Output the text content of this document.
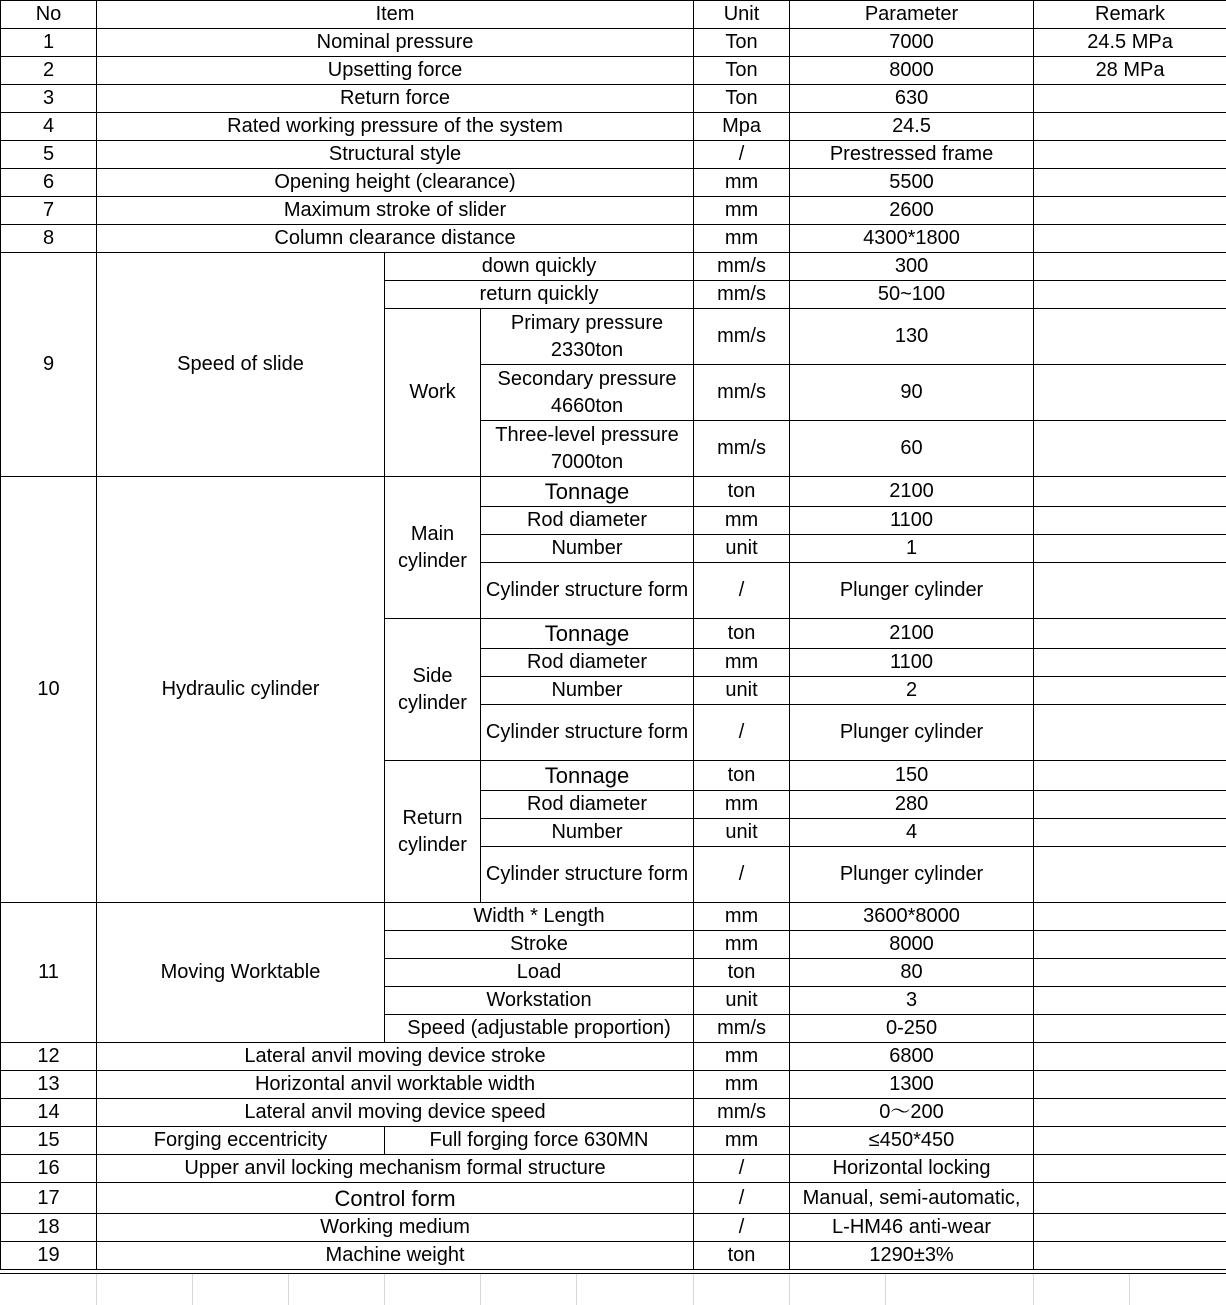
No	Item			Unit	Parameter	Remark
1	Nominal pressure			Ton	7000	24.5 MPa
2	Upsetting force			Ton	8000	28 MPa
3	Return force			Ton	630	
4	Rated working pressure of the system			Mpa	24.5	
5	Structural style			/	Prestressed frame	
6	Opening height (clearance)			mm	5500	
7	Maximum stroke of slider			mm	2600	
8	Column clearance distance			mm	4300*1800	
9	Speed of slide	down quickly		mm/s	300	
		return quickly		mm/s	50~100	
		Work	Primary pressure 2330ton	mm/s	130	
			Secondary pressure 4660ton	mm/s	90	
			Three-level pressure 7000ton	mm/s	60	
10	Hydraulic cylinder	Main cylinder	Tonnage	ton	2100	
			Rod diameter	mm	1100	
			Number	unit	1	
			Cylinder structure form	/	Plunger cylinder	
		Side cylinder	Tonnage	ton	2100	
			Rod diameter	mm	1100	
			Number	unit	2	
			Cylinder structure form	/	Plunger cylinder	
		Return cylinder	Tonnage	ton	150	
			Rod diameter	mm	280	
			Number	unit	4	
			Cylinder structure form	/	Plunger cylinder	
11	Moving Worktable	Width * Length		mm	3600*8000	
		Stroke		mm	8000	
		Load		ton	80	
		Workstation		unit	3	
		Speed (adjustable proportion)		mm/s	0-250	
12	Lateral anvil moving device stroke			mm	6800	
13	Horizontal anvil worktable width			mm	1300	
14	Lateral anvil moving device speed			mm/s	0～200	
15	Forging eccentricity	Full forging force 630MN		mm	≤450*450	
16	Upper anvil locking mechanism formal structure			/	Horizontal locking	
17	Control form			/	Manual, semi-automatic,	
18	Working medium			/	L-HM46 anti-wear	
19	Machine weight			ton	1290±3%	
